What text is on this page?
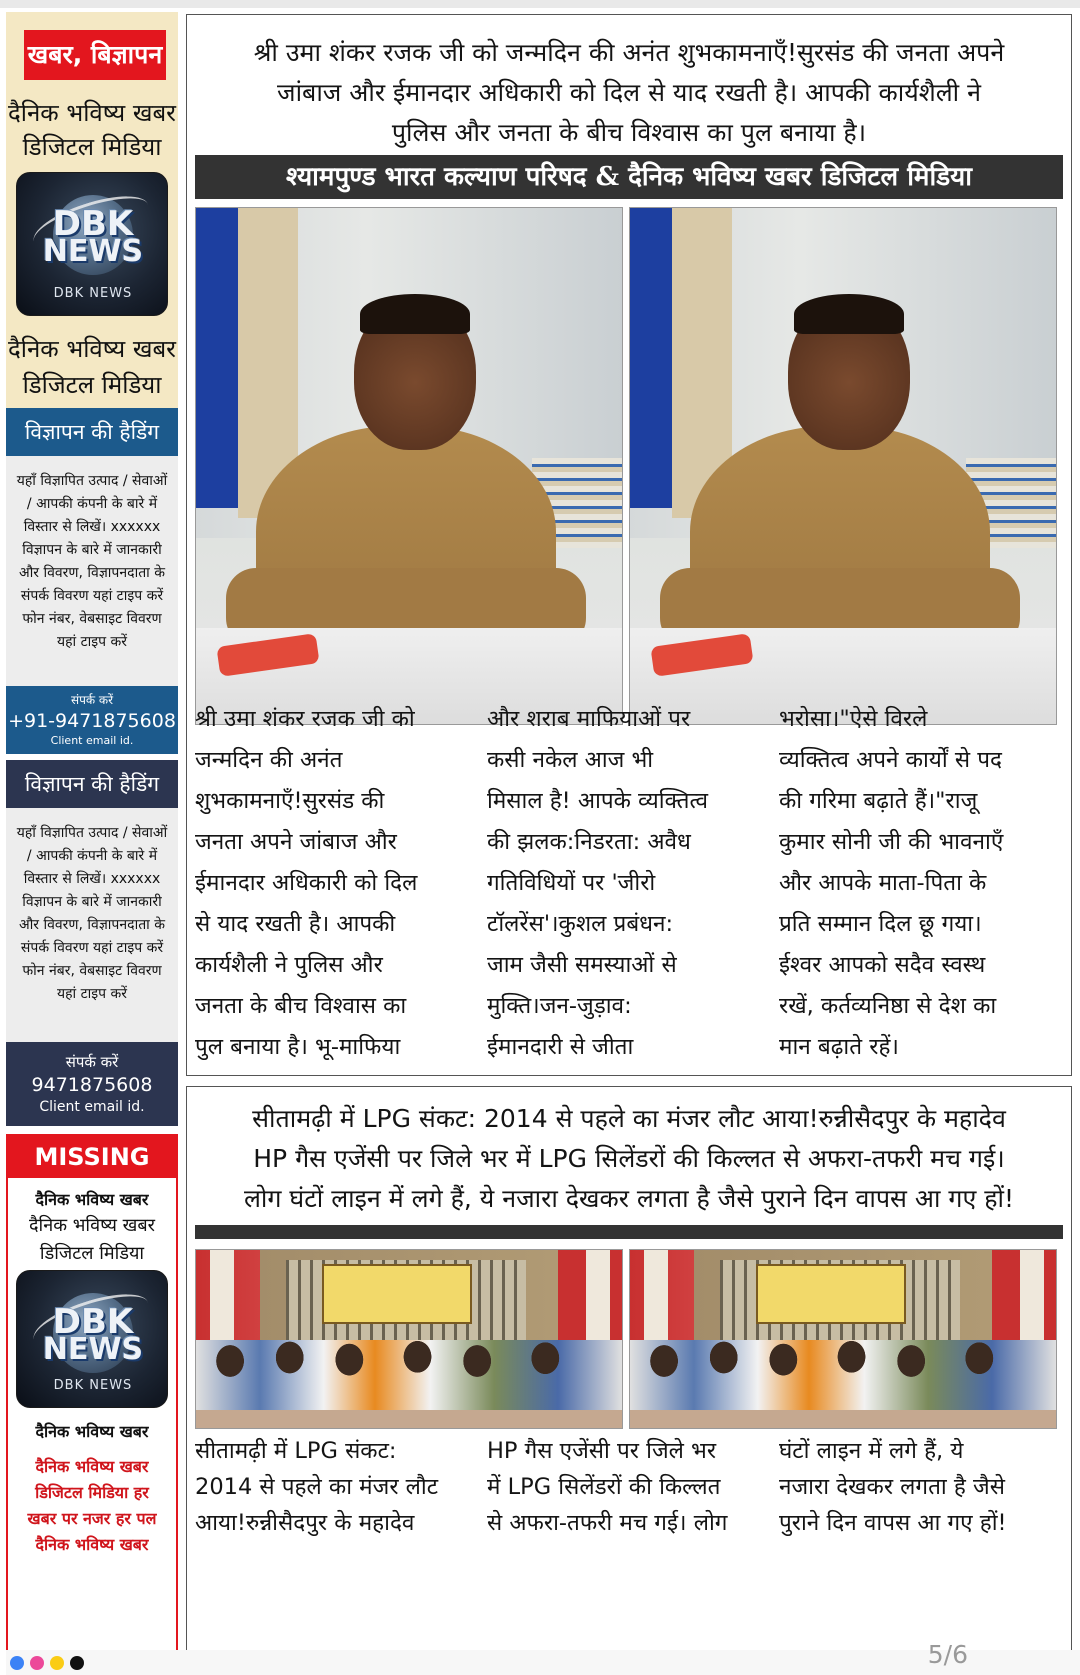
खबर, बिज्ञापन
दैनिक भविष्य खबर
डिजिटल मिडिया
DBK
NEWS
DBK NEWS
दैनिक भविष्य खबर
डिजिटल मिडिया
विज्ञापन की हैडिंग
यहाँ विज्ञापित उत्पाद / सेवाओं / आपकी कंपनी के बारे में विस्तार से लिखें। xxxxxx विज्ञापन के बारे में जानकारी और विवरण, विज्ञापनदाता के संपर्क विवरण यहां टाइप करें फोन नंबर, वेबसाइट विवरण यहां टाइप करें
संपर्क करें
+91-9471875608
Client email id.
विज्ञापन की हैडिंग
यहाँ विज्ञापित उत्पाद / सेवाओं / आपकी कंपनी के बारे में विस्तार से लिखें। xxxxxx विज्ञापन के बारे में जानकारी और विवरण, विज्ञापनदाता के संपर्क विवरण यहां टाइप करें फोन नंबर, वेबसाइट विवरण यहां टाइप करें
संपर्क करें
9471875608
Client email id.
MISSING
दैनिक भविष्य खबर
दैनिक भविष्य खबर
डिजिटल मिडिया
DBK
NEWS
DBK NEWS
दैनिक भविष्य खबर
दैनिक भविष्य खबर
डिजिटल मिडिया हर
खबर पर नजर हर पल
दैनिक भविष्य खबर
श्री उमा शंकर रजक जी को जन्मदिन की अनंत शुभकामनाएँ!सुरसंड की जनता अपने
जांबाज और ईमानदार अधिकारी को दिल से याद रखती है। आपकी कार्यशैली ने
पुलिस और जनता के बीच विश्वास का पुल बनाया है।
श्यामपुण्ड भारत कल्याण परिषद & दैनिक भविष्य खबर डिजिटल मिडिया

श्री उमा शंकर रजक जी को

जन्मदिन की अनंत

शुभकामनाएँ!सुरसंड की

जनता अपने जांबाज और

ईमानदार अधिकारी को दिल

से याद रखती है। आपकी

कार्यशैली ने पुलिस और

जनता के बीच विश्वास का

पुल बनाया है। भू-माफिया

और शराब माफियाओं पर

कसी नकेल आज भी

मिसाल है! आपके व्यक्तित्व

की झलक:निडरता: अवैध

गतिविधियों पर 'जीरो

टॉलरेंस'।कुशल प्रबंधन:

जाम जैसी समस्याओं से

मुक्ति।जन-जुड़ाव:

ईमानदारी से जीता

भरोसा।"ऐसे विरले

व्यक्तित्व अपने कार्यों से पद

की गरिमा बढ़ाते हैं।"राजू

कुमार सोनी जी की भावनाएँ

और आपके माता-पिता के

प्रति सम्मान दिल छू गया।

ईश्वर आपको सदैव स्वस्थ

रखें, कर्तव्यनिष्ठा से देश का

मान बढ़ाते रहें।

सीतामढ़ी में LPG संकट: 2014 से पहले का मंजर लौट आया!रुन्नीसैदपुर के महादेव
HP गैस एजेंसी पर जिले भर में LPG सिलेंडरों की किल्लत से अफरा-तफरी मच गई।
लोग घंटों लाइन में लगे हैं, ये नजारा देखकर लगता है जैसे पुराने दिन वापस आ गए हों!

सीतामढ़ी में LPG संकट:

2014 से पहले का मंजर लौट

आया!रुन्नीसैदपुर के महादेव

HP गैस एजेंसी पर जिले भर

में LPG सिलेंडरों की किल्लत

से अफरा-तफरी मच गई। लोग

घंटों लाइन में लगे हैं, ये

नजारा देखकर लगता है जैसे

पुराने दिन वापस आ गए हों!

5/6
